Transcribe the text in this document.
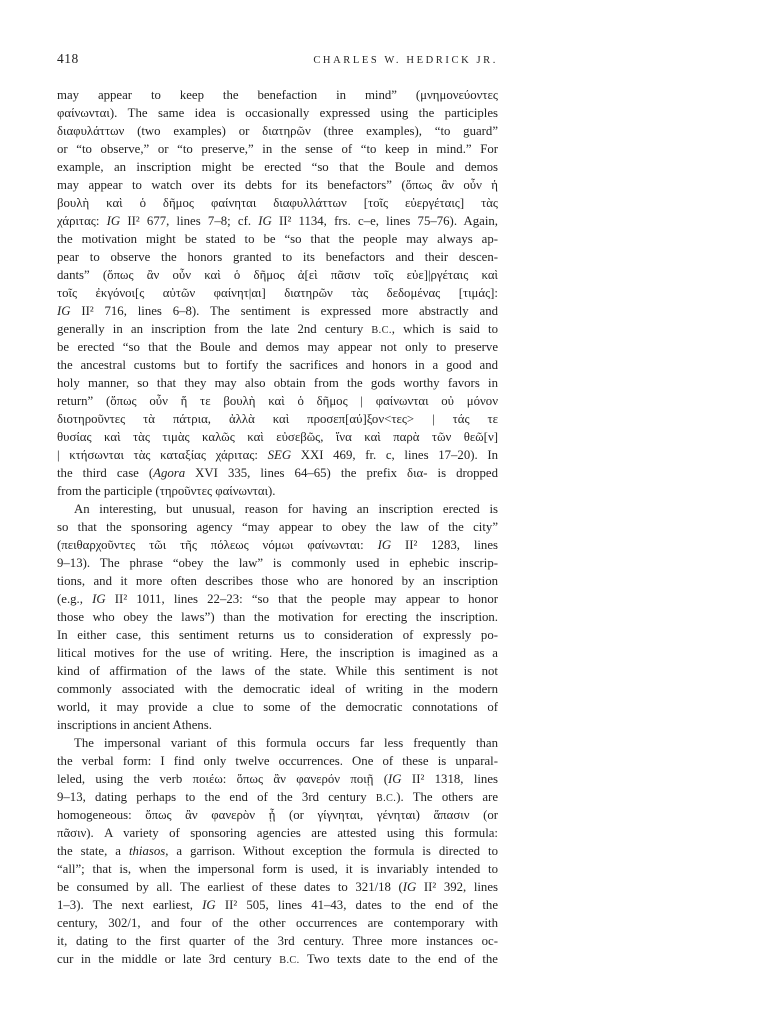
418	CHARLES W. HEDRICK JR.
may appear to keep the benefaction in mind” (μνημονεύοντες
φαίνωνται). The same idea is occasionally expressed using the participles
διαφυλάττων (two examples) or διατηρῶν (three examples), “to guard”
or “to observe,” or “to preserve,” in the sense of “to keep in mind.” For
example, an inscription might be erected “so that the Boule and demos
may appear to watch over its debts for its benefactors” (ὅπως ἂν οὖν ἡ
βουλὴ καὶ ὁ δῆμος φαίνηται διαφυλλάττων [τοῖς εὐεργέταις] τὰς
χάριτας: IG II² 677, lines 7–8; cf. IG II² 1134, frs. c–e, lines 75–76). Again,
the motivation might be stated to be “so that the people may always ap-
pear to observe the honors granted to its benefactors and their descen-
dants” (ὅπως ἂν οὖν καὶ ὁ δῆμος ἀ[εὶ πᾶσιν τοῖς εὐε]|ργέταις καὶ
τοῖς ἐκγόνοι[ς αὐτῶν φαίνητ|αι] διατηρῶν τὰς δεδομένας [τιμάς]:
IG II² 716, lines 6–8). The sentiment is expressed more abstractly and
generally in an inscription from the late 2nd century B.C., which is said to
be erected “so that the Boule and demos may appear not only to preserve
the ancestral customs but to fortify the sacrifices and honors in a good and
holy manner, so that they may also obtain from the gods worthy favors in
return” (ὅπως οὖν ἥ τε βουλὴ καὶ ὁ δῆμος | φαίνωνται οὐ μόνον
διοτηροῦντες τὰ πάτρια, ἀλλὰ καὶ προσεπ[αύ]ξον<τες> | τάς τε
θυσίας καὶ τὰς τιμὰς καλῶς καὶ εὐσεβῶς, ἵνα καὶ παρὰ τῶν θεῶ[ν]
| κτήσωνται τὰς καταξίας χάριτας: SEG XXI 469, fr. c, lines 17–20). In
the third case (Agora XVI 335, lines 64–65) the prefix δια- is dropped
from the participle (τηροῦντες φαίνωνται).
An interesting, but unusual, reason for having an inscription erected is
so that the sponsoring agency “may appear to obey the law of the city”
(πειθαρχοῦντες τῶι τῆς πόλεως νόμωι φαίνωνται: IG II² 1283, lines
9–13). The phrase “obey the law” is commonly used in ephebic inscrip-
tions, and it more often describes those who are honored by an inscription
(e.g., IG II² 1011, lines 22–23: “so that the people may appear to honor
those who obey the laws”) than the motivation for erecting the inscription.
In either case, this sentiment returns us to consideration of expressly po-
litical motives for the use of writing. Here, the inscription is imagined as a
kind of affirmation of the laws of the state. While this sentiment is not
commonly associated with the democratic ideal of writing in the modern
world, it may provide a clue to some of the democratic connotations of
inscriptions in ancient Athens.
The impersonal variant of this formula occurs far less frequently than
the verbal form: I find only twelve occurrences. One of these is unparal-
leled, using the verb ποιέω: ὅπως ἂν φανερόν ποιῇ (IG II² 1318, lines
9–13, dating perhaps to the end of the 3rd century B.C.). The others are
homogeneous: ὅπως ἂν φανερὸν ᾖ (or γίγνηται, γένηται) ἅπασιν (or
πᾶσιν). A variety of sponsoring agencies are attested using this formula:
the state, a thiasos, a garrison. Without exception the formula is directed to
“all”; that is, when the impersonal form is used, it is invariably intended to
be consumed by all. The earliest of these dates to 321/18 (IG II² 392, lines
1–3). The next earliest, IG II² 505, lines 41–43, dates to the end of the
century, 302/1, and four of the other occurrences are contemporary with
it, dating to the first quarter of the 3rd century. Three more instances oc-
cur in the middle or late 3rd century B.C. Two texts date to the end of the
